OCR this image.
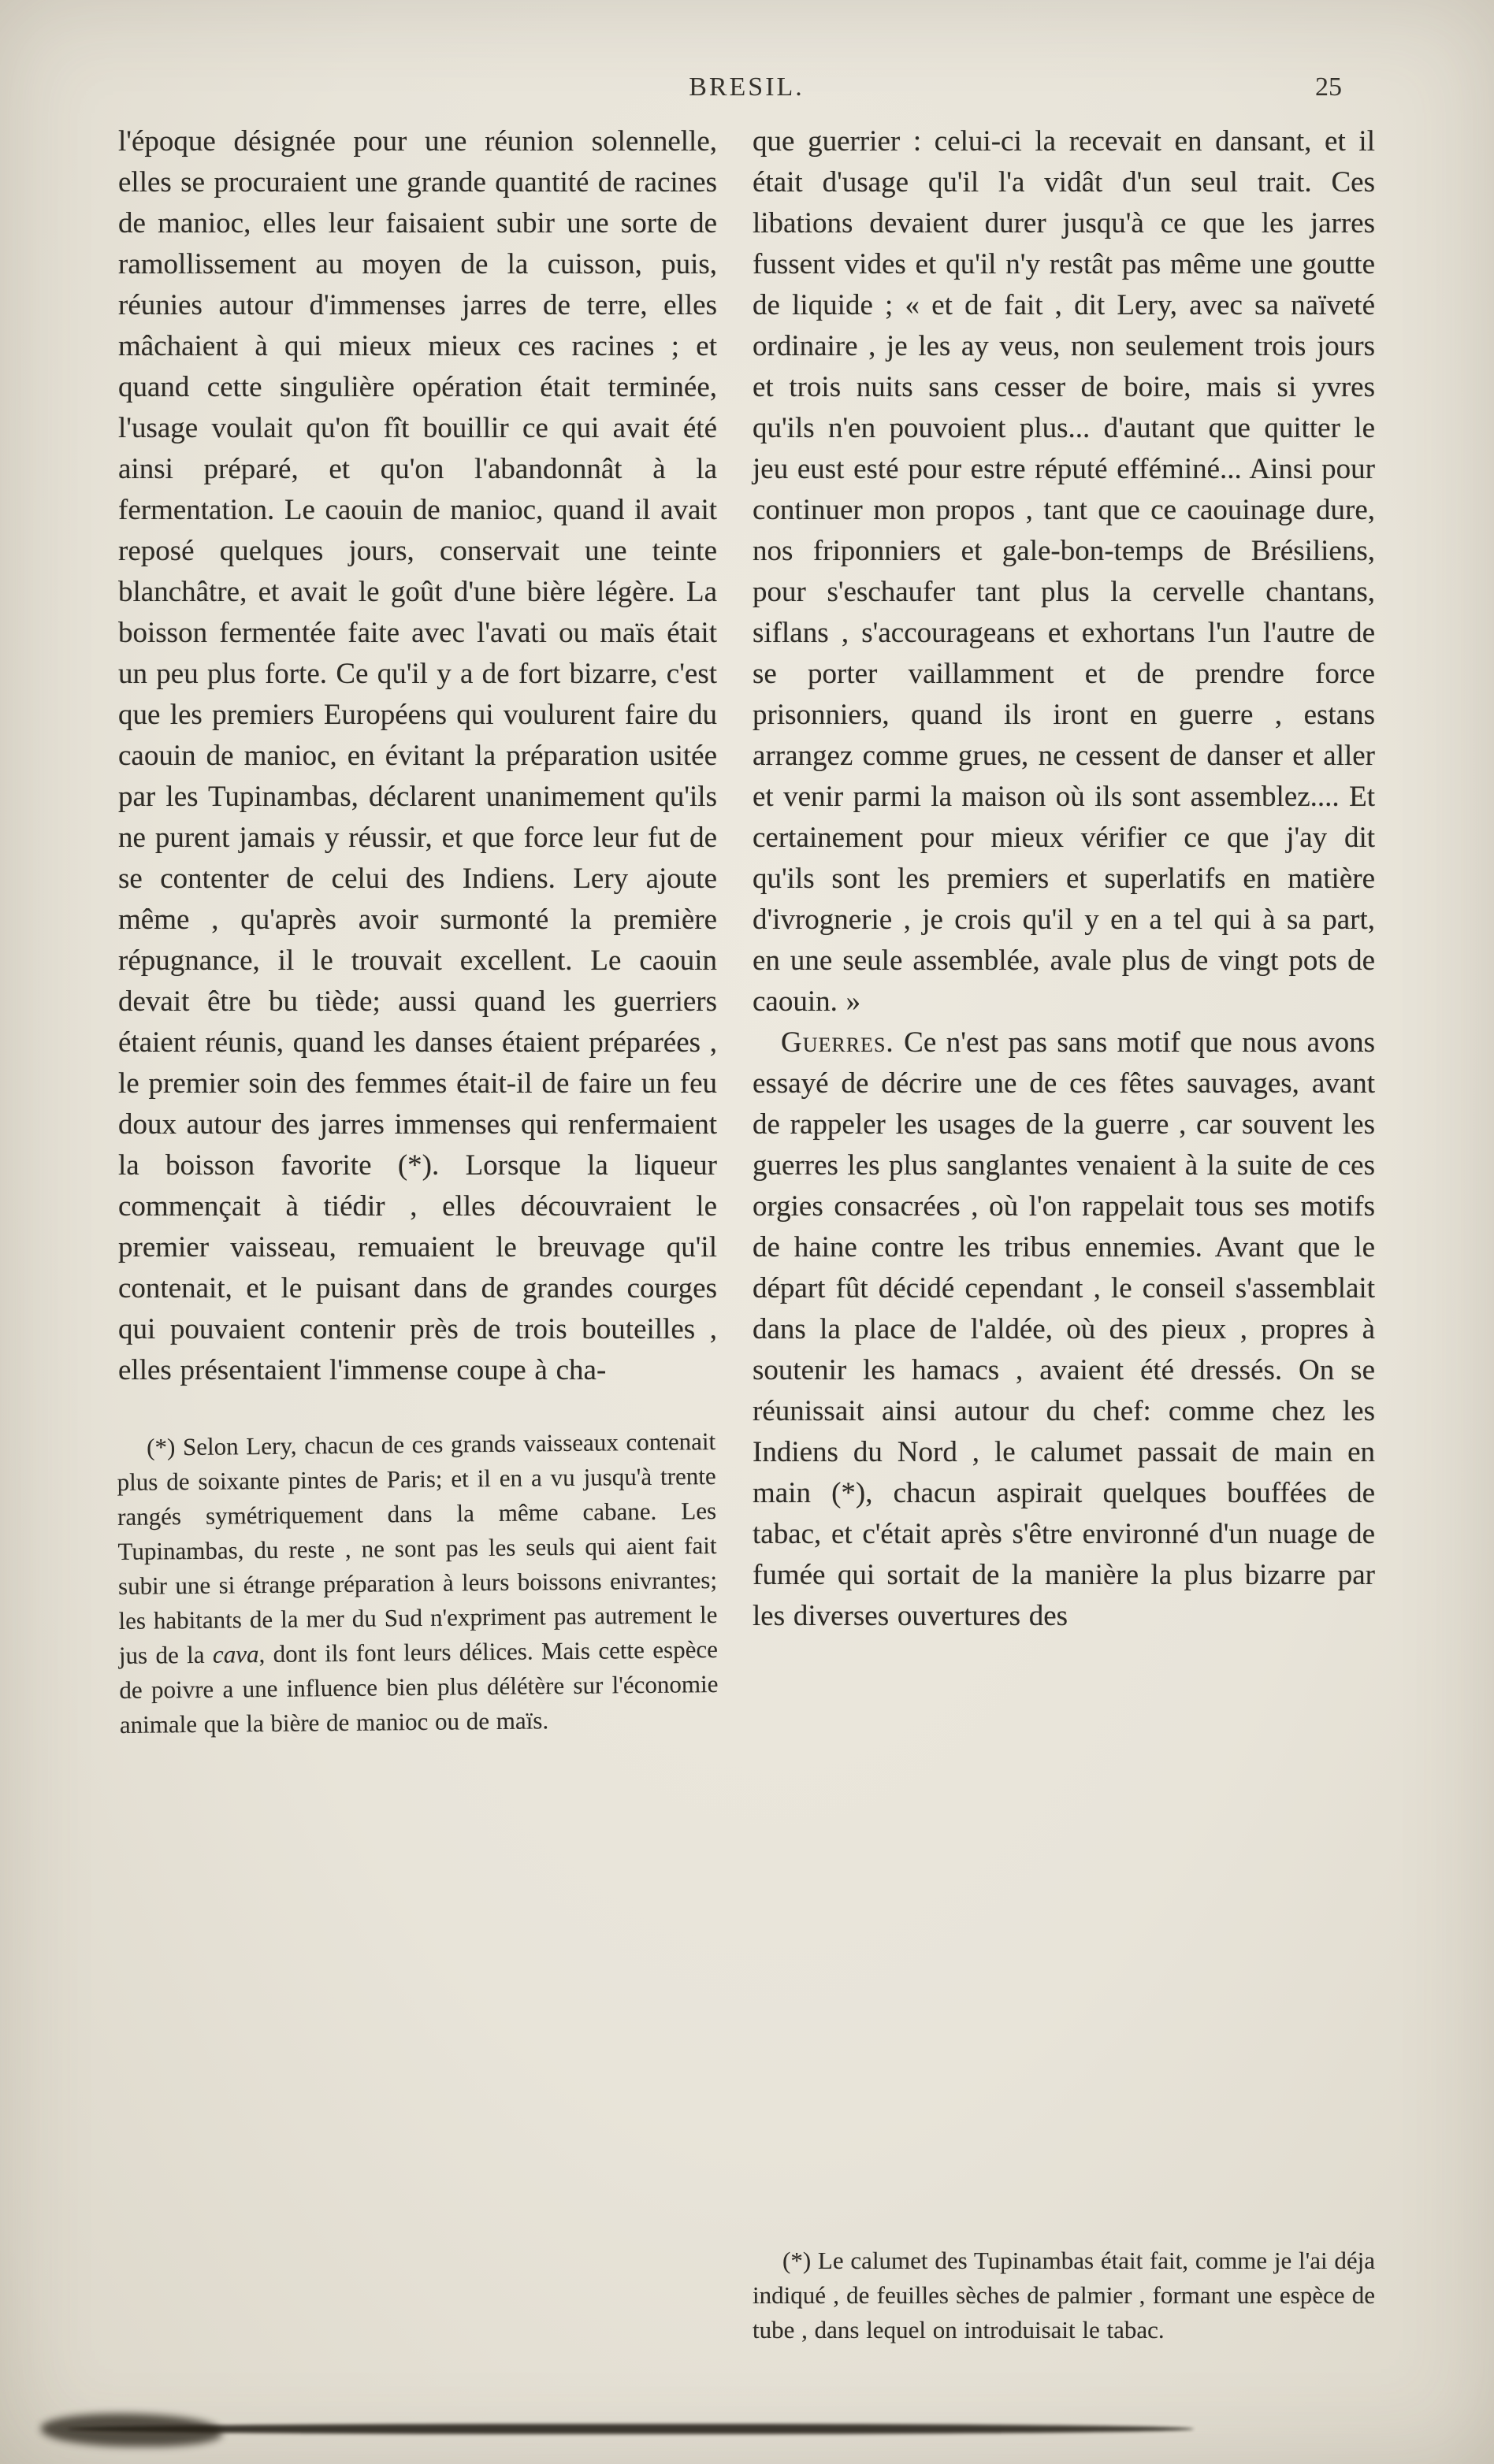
BRESIL.	25

l'époque désignée pour une réunion solennelle, elles se procuraient une grande quantité de racines de manioc, elles leur faisaient subir une sorte de ramollissement au moyen de la cuisson, puis, réunies autour d'immenses jarres de terre, elles mâchaient à qui mieux mieux ces racines ; et quand cette singulière opération était terminée, l'usage voulait qu'on fît bouillir ce qui avait été ainsi préparé, et qu'on l'abandonnât à la fermentation. Le caouin de manioc, quand il avait reposé quelques jours, conservait une teinte blanchâtre, et avait le goût d'une bière légère. La boisson fermentée faite avec l'avati ou maïs était un peu plus forte. Ce qu'il y a de fort bizarre, c'est que les premiers Européens qui voulurent faire du caouin de manioc, en évitant la préparation usitée par les Tupinambas, déclarent unanimement qu'ils ne purent jamais y réussir, et que force leur fut de se contenter de celui des Indiens. Lery ajoute même , qu'après avoir surmonté la première répugnance, il le trouvait excellent. Le caouin devait être bu tiède; aussi quand les guerriers étaient réunis, quand les danses étaient préparées , le premier soin des femmes était-il de faire un feu doux autour des jarres immenses qui renfermaient la boisson favorite (*). Lorsque la liqueur commençait à tiédir , elles découvraient le premier vaisseau, remuaient le breuvage qu'il contenait, et le puisant dans de grandes courges qui pouvaient contenir près de trois bouteilles , elles présentaient l'immense coupe à cha-

(*) Selon Lery, chacun de ces grands vaisseaux contenait plus de soixante pintes de Paris; et il en a vu jusqu'à trente rangés symétriquement dans la même cabane. Les Tupinambas, du reste , ne sont pas les seuls qui aient fait subir une si étrange préparation à leurs boissons enivrantes; les habitants de la mer du Sud n'expriment pas autrement le jus de la cava, dont ils font leurs délices. Mais cette espèce de poivre a une influence bien plus délétère sur l'économie animale que la bière de manioc ou de maïs.

que guerrier : celui-ci la recevait en dansant, et il était d'usage qu'il l'a vidât d'un seul trait. Ces libations devaient durer jusqu'à ce que les jarres fussent vides et qu'il n'y restât pas même une goutte de liquide ; « et de fait , dit Lery, avec sa naïveté ordinaire , je les ay veus, non seulement trois jours et trois nuits sans cesser de boire, mais si yvres qu'ils n'en pouvoient plus... d'autant que quitter le jeu eust esté pour estre réputé efféminé... Ainsi pour continuer mon propos , tant que ce caouinage dure, nos friponniers et gale-bon-temps de Brésiliens, pour s'eschaufer tant plus la cervelle chantans, siflans , s'accourageans et exhortans l'un l'autre de se porter vaillamment et de prendre force prisonniers, quand ils iront en guerre , estans arrangez comme grues, ne cessent de danser et aller et venir parmi la maison où ils sont assemblez.... Et certainement pour mieux vérifier ce que j'ay dit qu'ils sont les premiers et superlatifs en matière d'ivrognerie , je crois qu'il y en a tel qui à sa part, en une seule assemblée, avale plus de vingt pots de caouin. »

Guerres. Ce n'est pas sans motif que nous avons essayé de décrire une de ces fêtes sauvages, avant de rappeler les usages de la guerre , car souvent les guerres les plus sanglantes venaient à la suite de ces orgies consacrées , où l'on rappelait tous ses motifs de haine contre les tribus ennemies. Avant que le départ fût décidé cependant , le conseil s'assemblait dans la place de l'aldée, où des pieux , propres à soutenir les hamacs , avaient été dressés. On se réunissait ainsi autour du chef: comme chez les Indiens du Nord , le calumet passait de main en main (*), chacun aspirait quelques bouffées de tabac, et c'était après s'être environné d'un nuage de fumée qui sortait de la manière la plus bizarre par les diverses ouvertures des

(*) Le calumet des Tupinambas était fait, comme je l'ai déja indiqué , de feuilles sèches de palmier , formant une espèce de tube , dans lequel on introduisait le tabac.
